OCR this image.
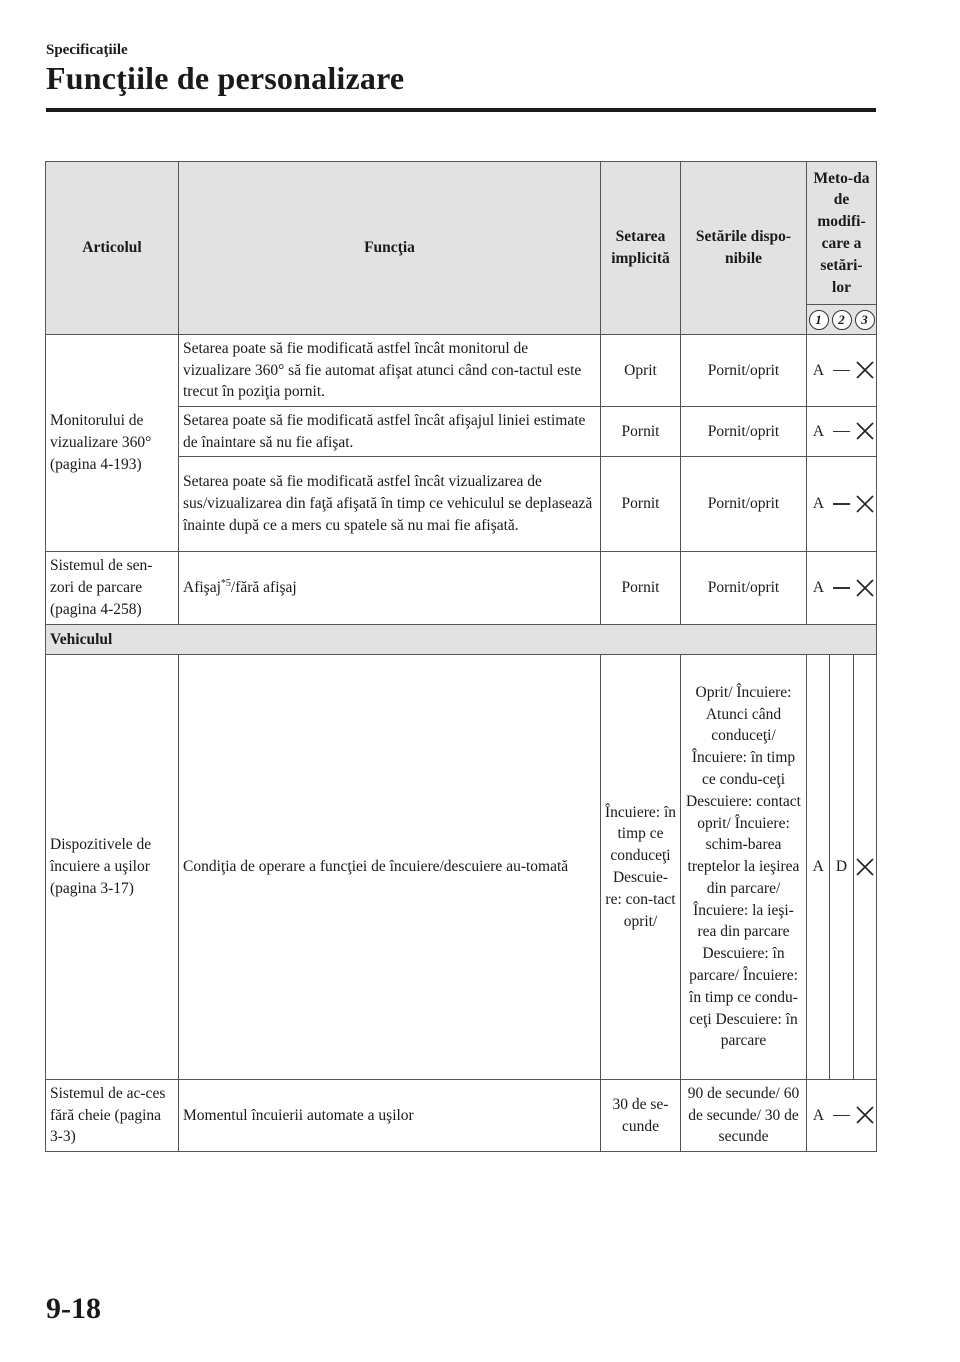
Specificaţiile
Funcţiile de personalizare
Articolul	Funcţia	Setarea implicită	Setările dispo-nibile	Meto-da de modifi-care a setări-lor

1 2 3

Monitorului de vizualizare 360° (pagina 4-193)	Setarea poate să fie modificată astfel încât monitorul de vizualizare 360° să fie automat afişat atunci când con-tactul este trecut în poziţia pornit.	Oprit	Pornit/oprit	A

	Setarea poate să fie modificată astfel încât afişajul liniei estimate de înaintare să nu fie afişat.	Pornit	Pornit/oprit	A

	Setarea poate să fie modificată astfel încât vizualizarea de sus/vizualizarea din faţă afişată în timp ce vehiculul se deplasează înainte după ce a mers cu spatele să nu mai fie afişată.	Pornit	Pornit/oprit	A

Sistemul de sen-zori de parcare (pagina 4-258)	Afişaj$^{*5}$/fără afişaj	Pornit	Pornit/oprit	A

Vehiculul				
Dispozitivele de încuiere a uşilor (pagina 3-17)	Condiţia de operare a funcţiei de încuiere/descuiere au-tomată	Încuiere: în timp ce conduceţi Descuie-re: con-tact oprit/	Oprit/ Încuiere: Atunci când conduceţi/ Încuiere: în timp ce condu-ceţi Descuiere: contact oprit/ Încuiere: schim-barea treptelor la ieşirea din parcare/ Încuiere: la ieşi-rea din parcare Descuiere: în parcare/ Încuiere: în timp ce condu-ceţi Descuiere: în parcare	A D

Sistemul de ac-ces fără cheie (pagina 3-3)	Momentul încuierii automate a uşilor	30 de se-cunde	90 de secunde/ 60 de secunde/ 30 de secunde	A
9-18
